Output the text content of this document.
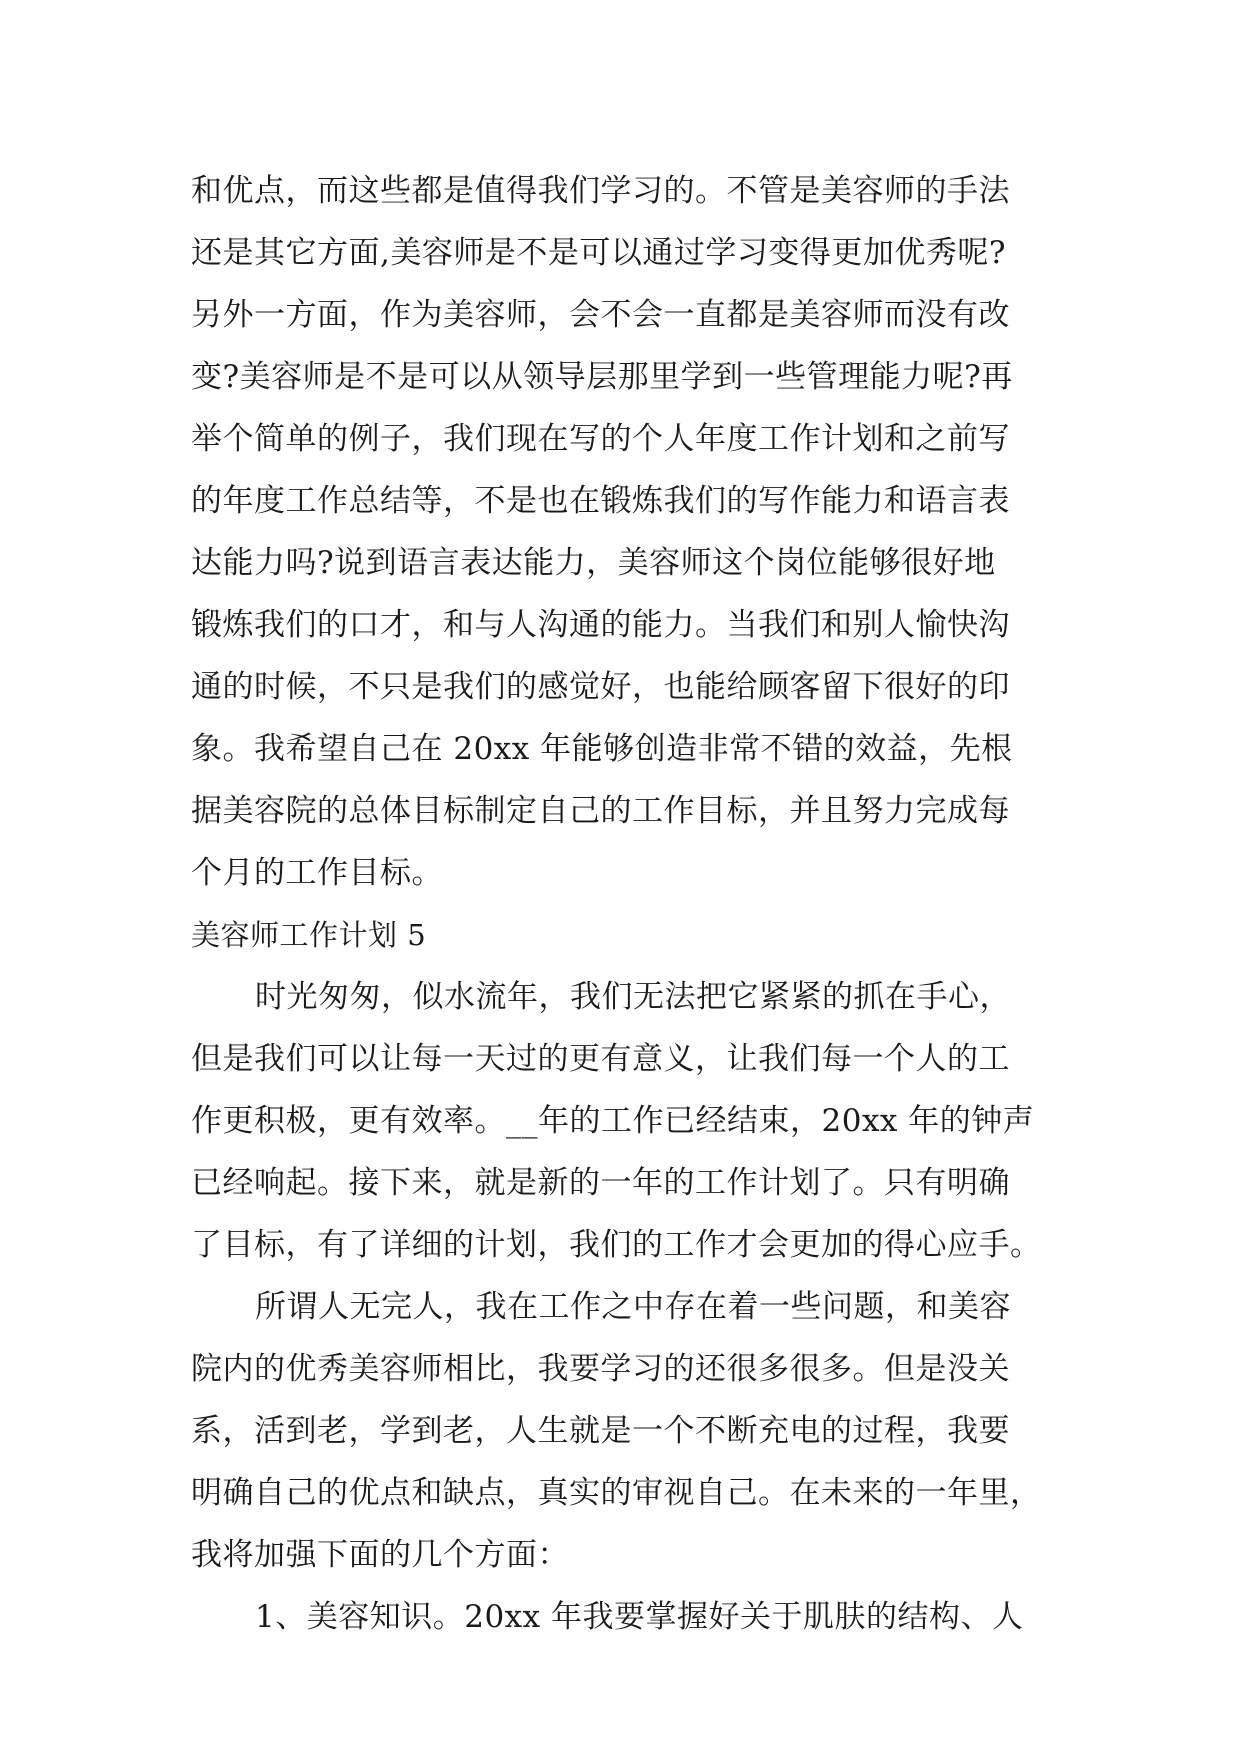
和优点，而这些都是值得我们学习的。不管是美容师的手法
还是其它方面,美容师是不是可以通过学习变得更加优秀呢?
另外一方面，作为美容师，会不会一直都是美容师而没有改
变?美容师是不是可以从领导层那里学到一些管理能力呢?再
举个简单的例子，我们现在写的个人年度工作计划和之前写
的年度工作总结等，不是也在锻炼我们的写作能力和语言表
达能力吗?说到语言表达能力，美容师这个岗位能够很好地
锻炼我们的口才，和与人沟通的能力。当我们和别人愉快沟
通的时候，不只是我们的感觉好，也能给顾客留下很好的印
象。我希望自己在 20xx 年能够创造非常不错的效益，先根
据美容院的总体目标制定自己的工作目标，并且努力完成每
个月的工作目标。
美容师工作计划 5
时光匆匆，似水流年，我们无法把它紧紧的抓在手心，
但是我们可以让每一天过的更有意义，让我们每一个人的工
作更积极，更有效率。__年的工作已经结束，20xx 年的钟声
已经响起。接下来，就是新的一年的工作计划了。只有明确
了目标，有了详细的计划，我们的工作才会更加的得心应手。
所谓人无完人，我在工作之中存在着一些问题，和美容
院内的优秀美容师相比，我要学习的还很多很多。但是没关
系，活到老，学到老，人生就是一个不断充电的过程，我要
明确自己的优点和缺点，真实的审视自己。在未来的一年里，
我将加强下面的几个方面：
1、美容知识。20xx 年我要掌握好关于肌肤的结构、人
